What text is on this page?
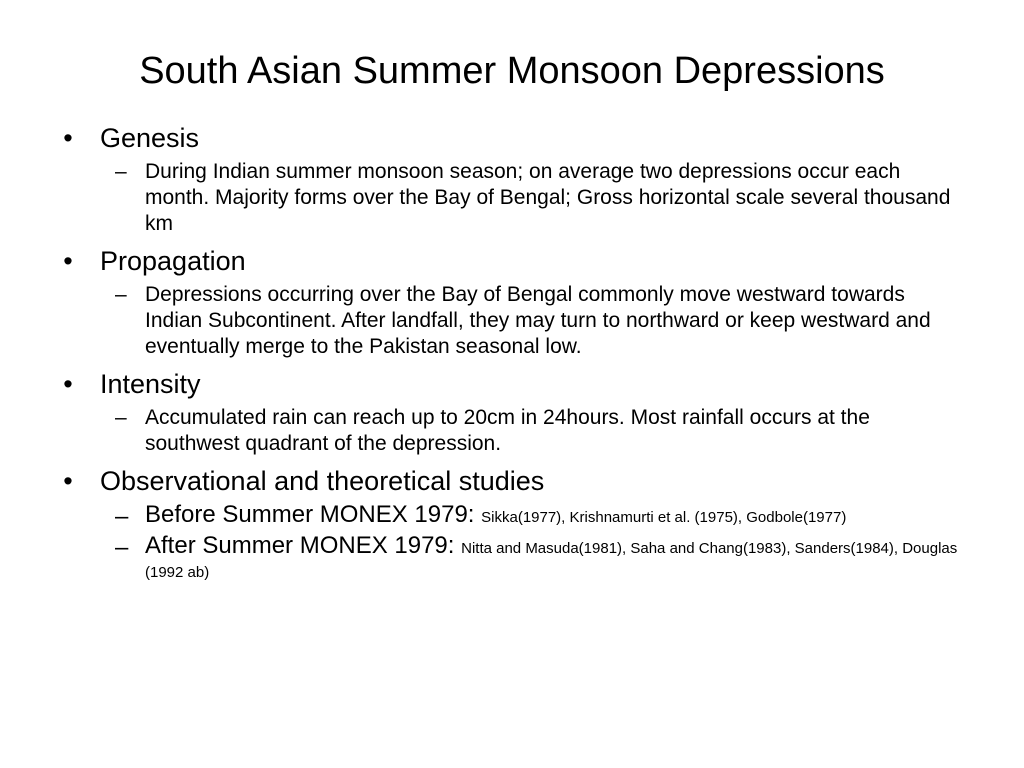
South Asian Summer Monsoon Depressions
• Genesis
– During Indian summer monsoon season; on average two depressions occur each month. Majority forms over the Bay of Bengal; Gross horizontal scale several thousand km
• Propagation
– Depressions occurring over the Bay of Bengal commonly move westward towards Indian Subcontinent. After landfall, they may turn to northward or keep westward and eventually merge to the Pakistan seasonal low.
• Intensity
– Accumulated rain can reach up to 20cm in 24hours. Most rainfall occurs at the southwest quadrant of the depression.
• Observational and theoretical studies
– Before Summer MONEX 1979: Sikka(1977), Krishnamurti et al. (1975), Godbole(1977)
– After Summer MONEX 1979: Nitta and Masuda(1981), Saha and Chang(1983), Sanders(1984), Douglas (1992 ab)
